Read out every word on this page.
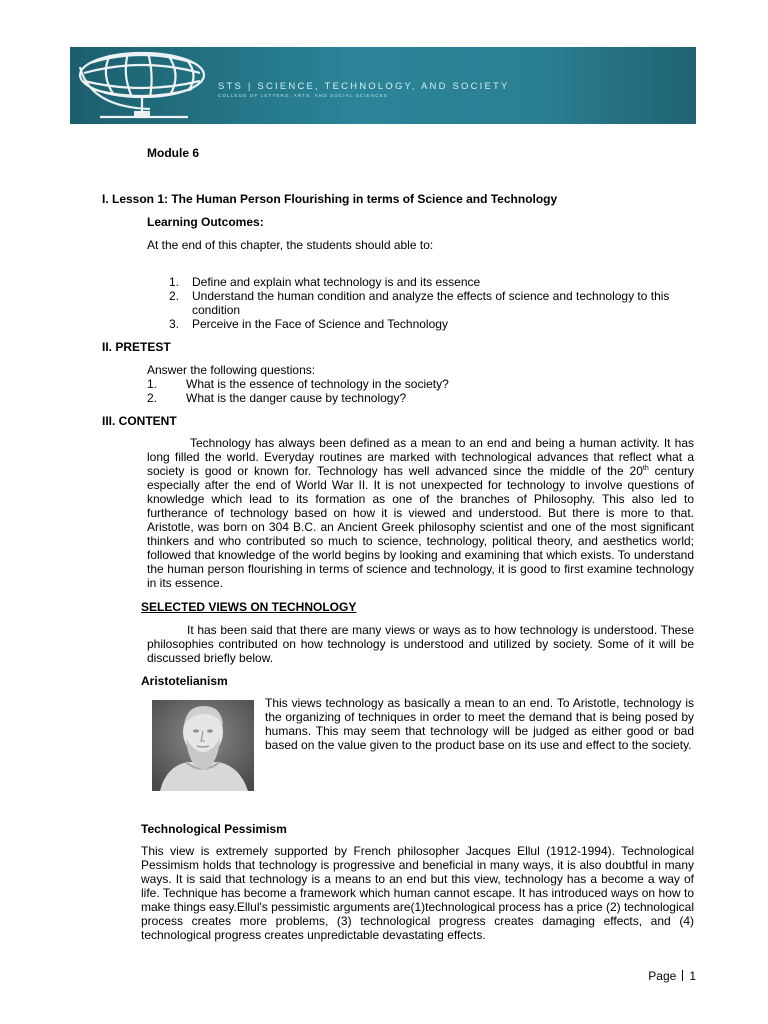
STS | SCIENCE, TECHNOLOGY, AND SOCIETY
COLLEGE OF LETTERS, ARTS, AND SOCIAL SCIENCES
Module 6
I. Lesson 1: The Human Person Flourishing in terms of Science and Technology
Learning Outcomes:
At the end of this chapter, the students should able to:
1. Define and explain what technology is and its essence
2. Understand the human condition and analyze the effects of science and technology to this condition
3. Perceive in the Face of Science and Technology
II. PRETEST
Answer the following questions:
1. What is the essence of technology in the society?
2. What is the danger cause by technology?
III. CONTENT
Technology has always been defined as a mean to an end and being a human activity. It has long filled the world. Everyday routines are marked with technological advances that reflect what a society is good or known for. Technology has well advanced since the middle of the 20th century especially after the end of World War II. It is not unexpected for technology to involve questions of knowledge which lead to its formation as one of the branches of Philosophy. This also led to furtherance of technology based on how it is viewed and understood. But there is more to that. Aristotle, was born on 304 B.C. an Ancient Greek philosophy scientist and one of the most significant thinkers and who contributed so much to science, technology, political theory, and aesthetics world; followed that knowledge of the world begins by looking and examining that which exists. To understand the human person flourishing in terms of science and technology, it is good to first examine technology in its essence.
SELECTED VIEWS ON TECHNOLOGY
It has been said that there are many views or ways as to how technology is understood. These philosophies contributed on how technology is understood and utilized by society. Some of it will be discussed briefly below.
Aristotelianism
This views technology as basically a mean to an end. To Aristotle, technology is the organizing of techniques in order to meet the demand that is being posed by humans. This may seem that technology will be judged as either good or bad based on the value given to the product base on its use and effect to the society.
Technological Pessimism
This view is extremely supported by French philosopher Jacques Ellul (1912-1994). Technological Pessimism holds that technology is progressive and beneficial in many ways, it is also doubtful in many ways. It is said that technology is a means to an end but this view, technology has a become a way of life. Technique has become a framework which human cannot escape. It has introduced ways on how to make things easy.Ellul's pessimistic arguments are(1)technological process has a price (2) technological process creates more problems, (3) technological progress creates damaging effects, and (4) technological progress creates unpredictable devastating effects.
Page 1
